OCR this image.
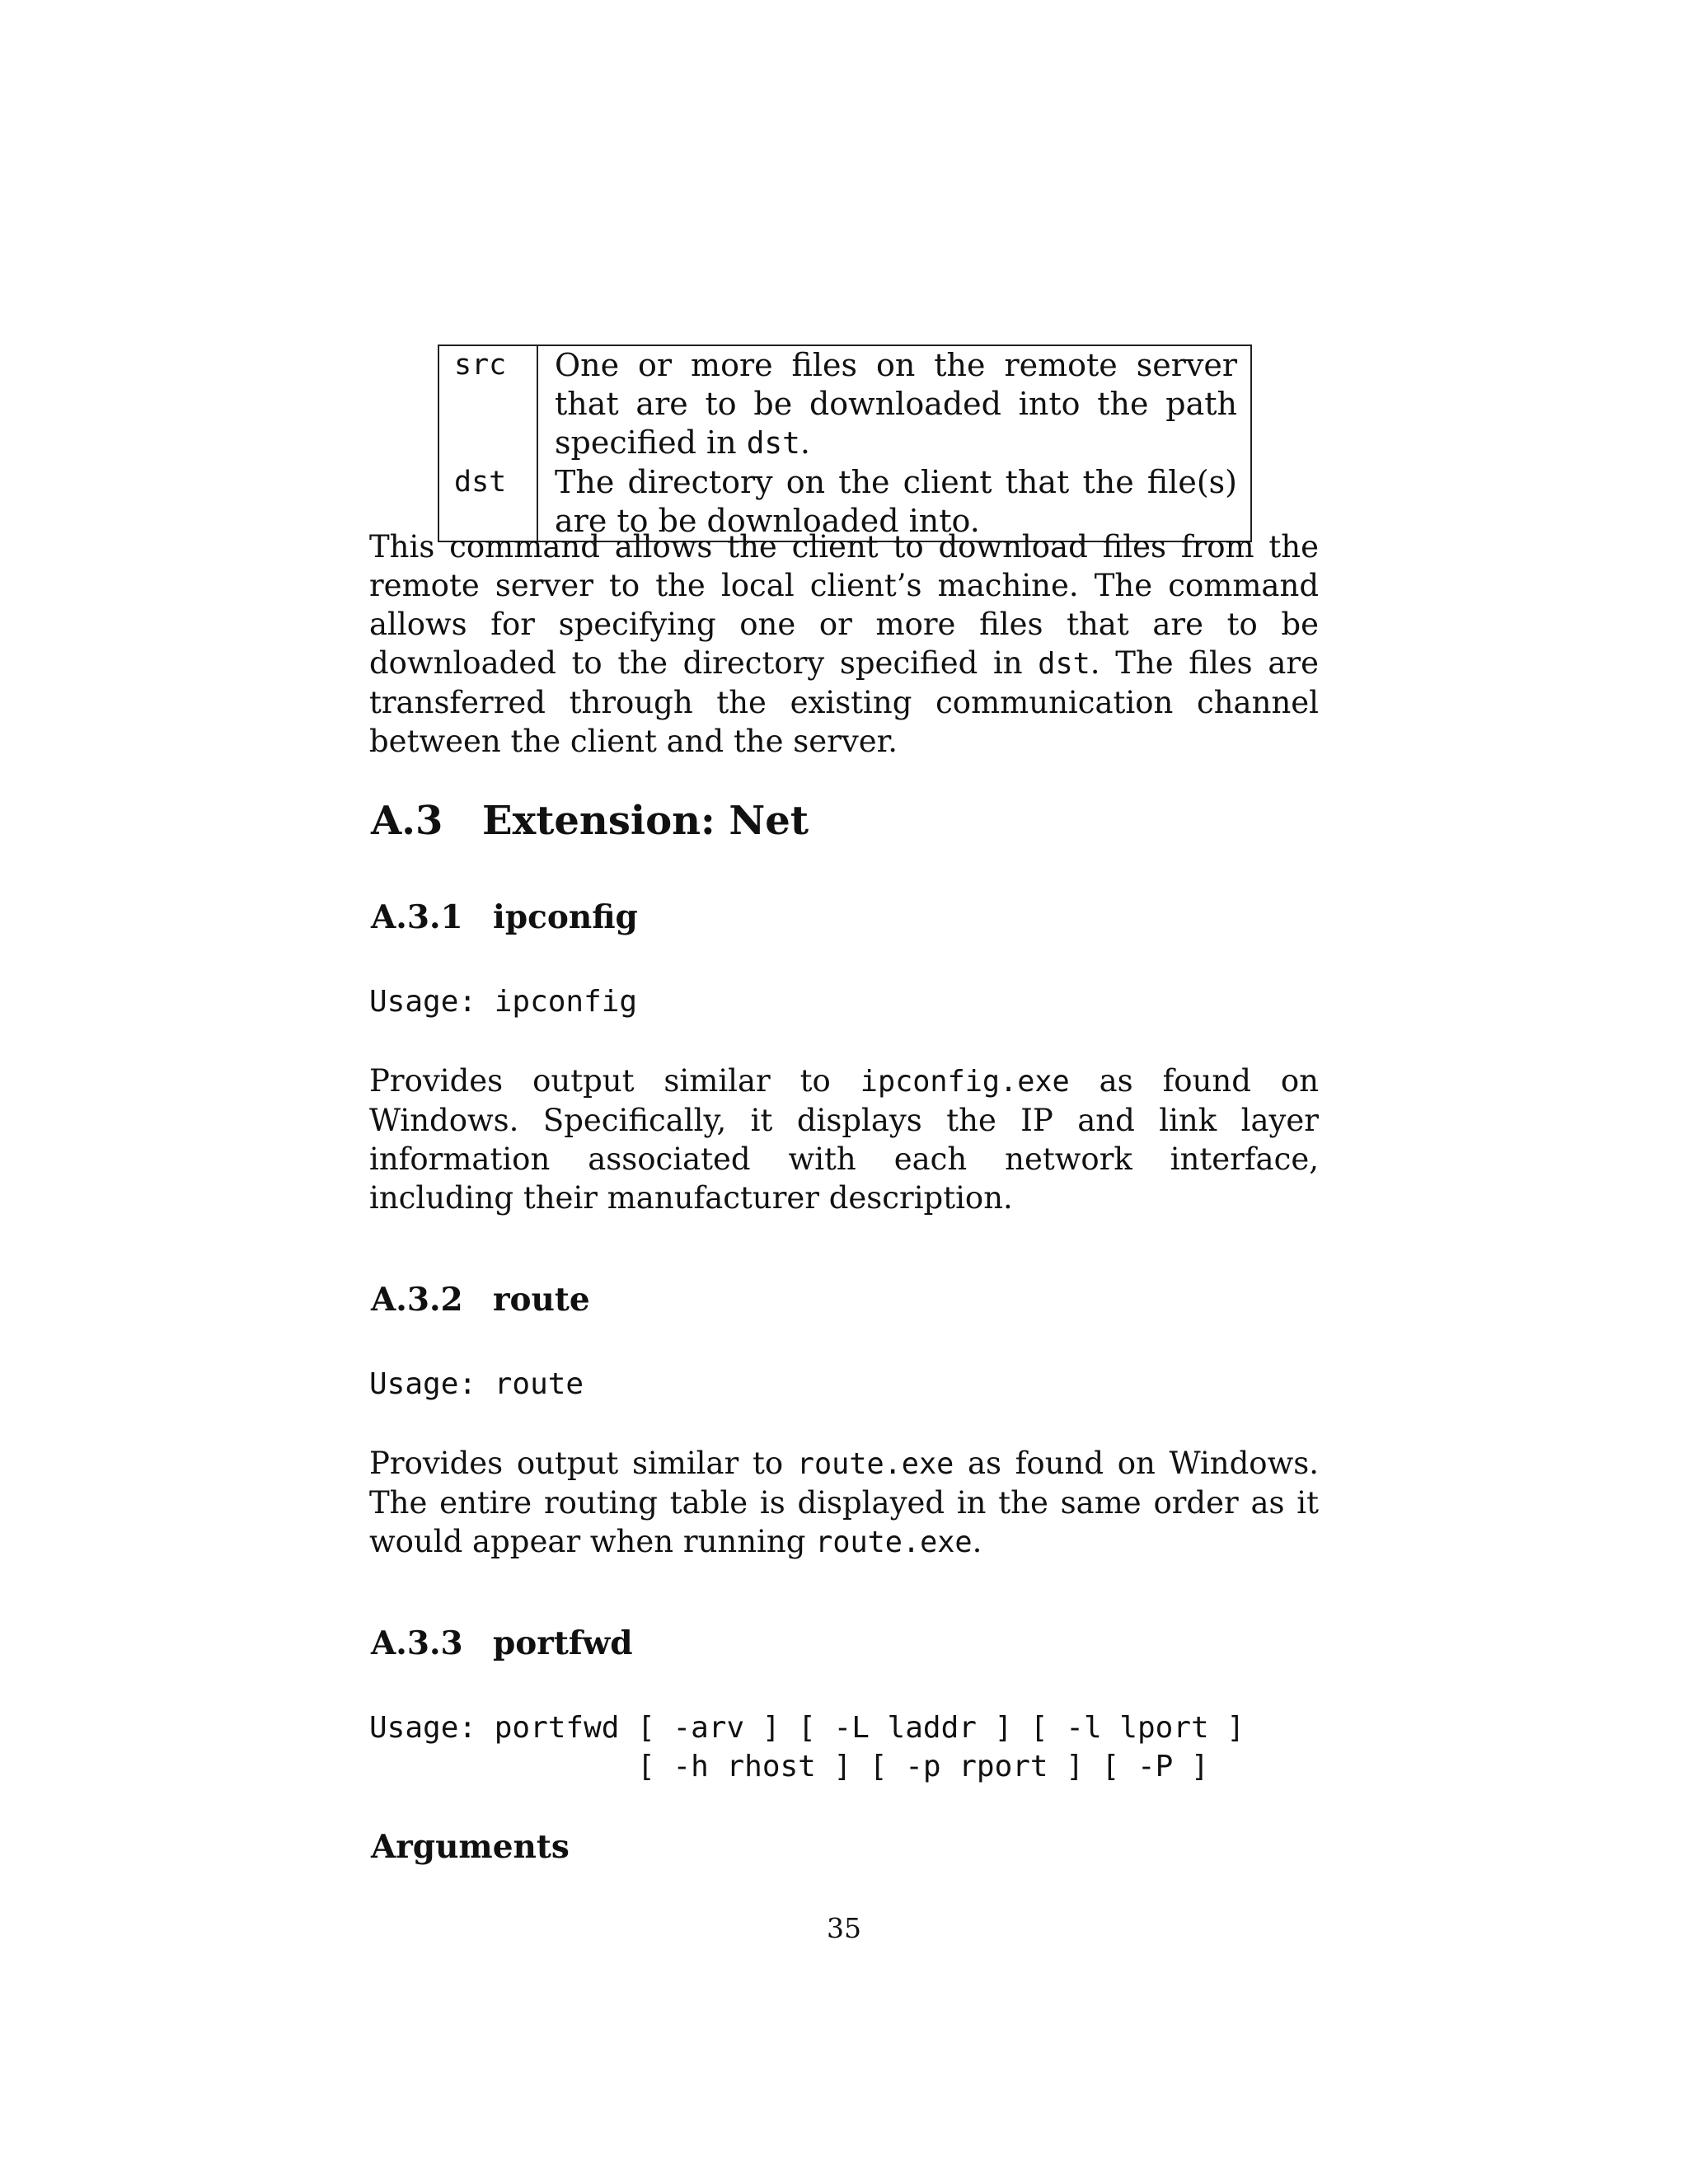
src	One or more files on the remote server that are to be downloaded into the path specified in dst.
dst	The directory on the client that the file(s) are to be downloaded into.

This command allows the client to download files from the remote server to the local client’s machine. The command allows for specifying one or more files that are to be downloaded to the directory specified in dst. The files are transferred through the existing communication channel between the client and the server.

A.3 Extension: Net
A.3.1 ipconfig
Usage: ipconfig

Provides output similar to ipconfig.exe as found on Windows. Specifically, it displays the IP and link layer information associated with each network interface, including their manufacturer description.

A.3.2 route
Usage: route

Provides output similar to route.exe as found on Windows. The entire routing table is displayed in the same order as it would appear when running route.exe.

A.3.3 portfwd
Usage: portfwd [ -arv ] [ -L laddr ] [ -l lport ]
[ -h rhost ] [ -p rport ] [ -P ]
Arguments
35
